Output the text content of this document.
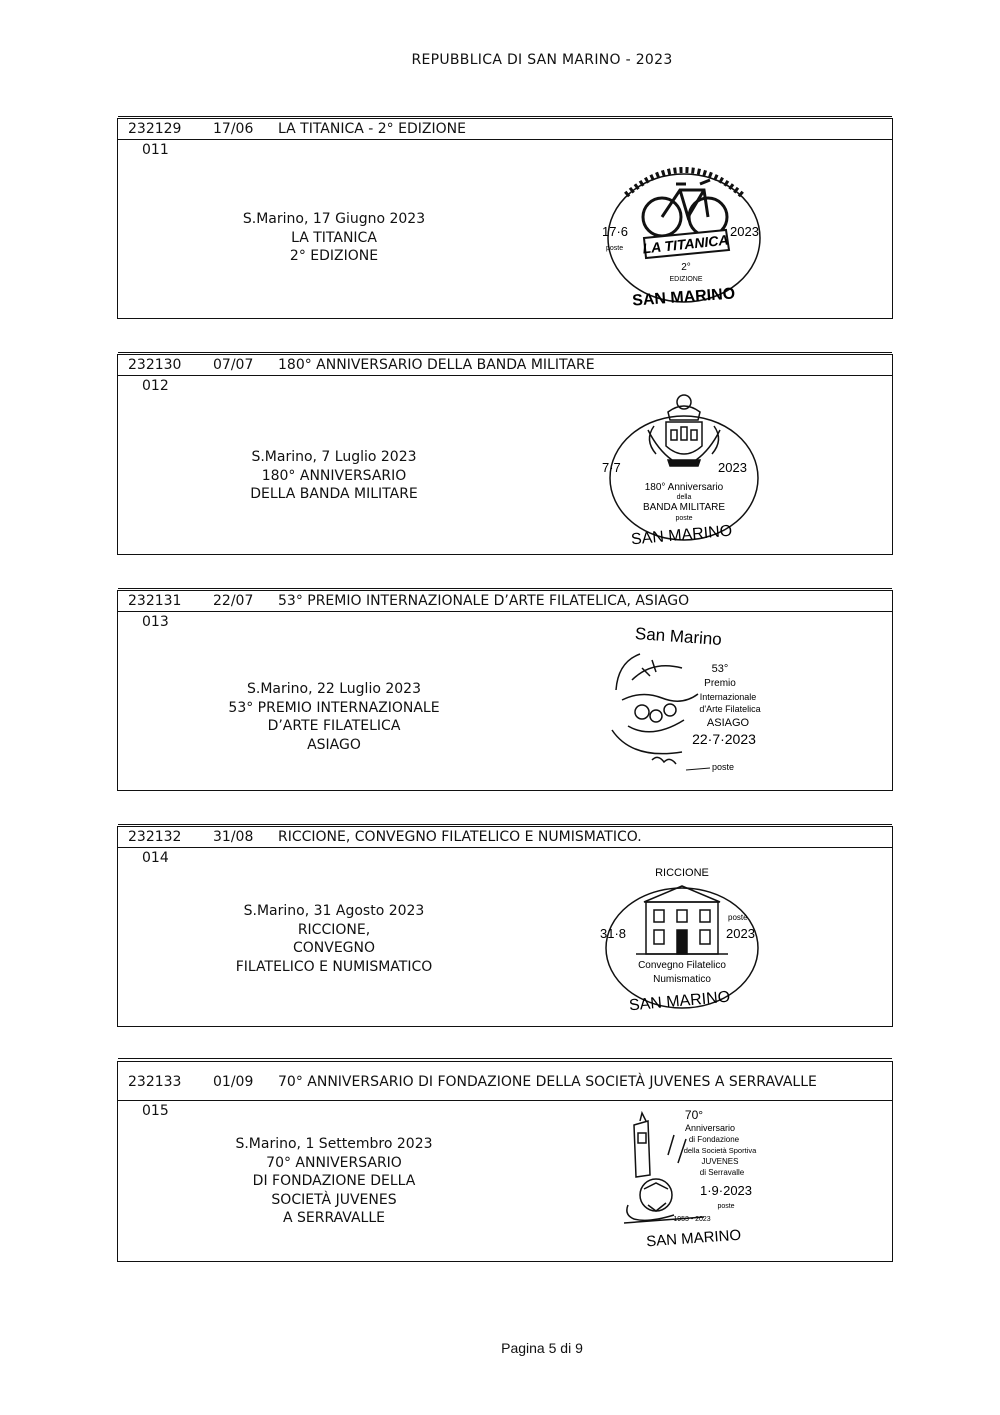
REPUBBLICA DI SAN MARINO - 2023
232129 17/06 LA TITANICA - 2° EDIZIONE
011
S.Marino, 17 Giugno 2023
LA TITANICA
2° EDIZIONE	LA TITANICA
17·6	2023
poste
2°
EDIZIONE
SAN MARINO
232130 07/07 180° ANNIVERSARIO DELLA BANDA MILITARE
012
S.Marino, 7 Luglio 2023
180° ANNIVERSARIO
DELLA BANDA MILITARE
7·7	2023
180° Anniversario
della
BANDA MILITARE
poste
SAN MARINO
232131 22/07 53° PREMIO INTERNAZIONALE D’ARTE FILATELICA, ASIAGO
013
S.Marino, 22 Luglio 2023
53° PREMIO INTERNAZIONALE
D’ARTE FILATELICA
ASIAGO
San Marino
53°
Premio
Internazionale
d'Arte Filatelica
ASIAGO
22·7·2023
poste
232132 31/08 RICCIONE, CONVEGNO FILATELICO E NUMISMATICO.
014
S.Marino, 31 Agosto 2023
RICCIONE,
CONVEGNO
FILATELICO E NUMISMATICO
RICCIONE
31·8
poste
2023
Convegno Filatelico
Numismatico
SAN MARINO
232133 01/09 70° ANNIVERSARIO DI FONDAZIONE DELLA SOCIETÀ JUVENES A SERRAVALLE
015
S.Marino, 1 Settembro 2023
70° ANNIVERSARIO
DI FONDAZIONE DELLA
SOCIETÀ JUVENES
A SERRAVALLE
70°
Anniversario
di Fondazione
della Società Sportiva
JUVENES
di Serravalle
1·9·2023
poste
1953 - 2023
SAN MARINO
Pagina 5 di 9
